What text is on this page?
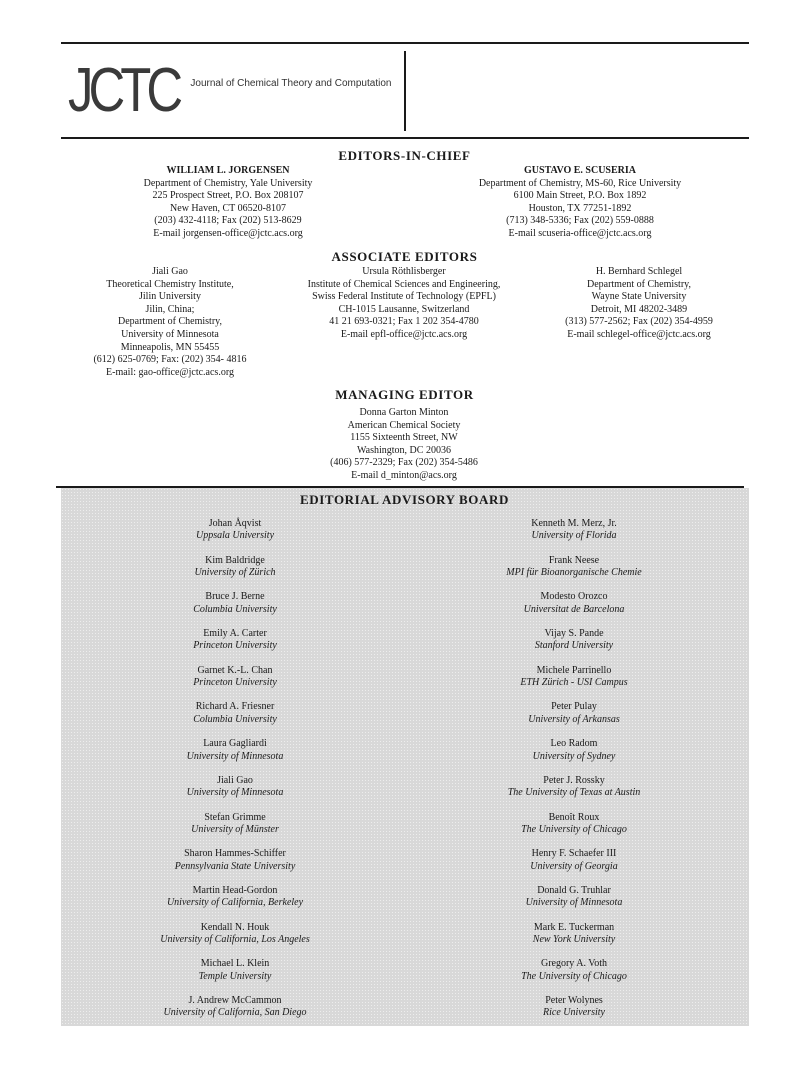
JCTC Journal of Chemical Theory and Computation
EDITORS-IN-CHIEF
WILLIAM L. JORGENSEN
Department of Chemistry, Yale University
225 Prospect Street, P.O. Box 208107
New Haven, CT 06520-8107
(203) 432-4118; Fax (202) 513-8629
E-mail jorgensen-office@jctc.acs.org
GUSTAVO E. SCUSERIA
Department of Chemistry, MS-60, Rice University
6100 Main Street, P.O. Box 1892
Houston, TX 77251-1892
(713) 348-5336; Fax (202) 559-0888
E-mail scuseria-office@jctc.acs.org
ASSOCIATE EDITORS
Jiali Gao
Theoretical Chemistry Institute,
Jilin University
Jilin, China;
Department of Chemistry,
University of Minnesota
Minneapolis, MN 55455
(612) 625-0769; Fax: (202) 354- 4816
E-mail: gao-office@jctc.acs.org
Ursula Röthlisberger
Institute of Chemical Sciences and Engineering,
Swiss Federal Institute of Technology (EPFL)
CH-1015 Lausanne, Switzerland
41 21 693-0321; Fax 1 202 354-4780
E-mail epfl-office@jctc.acs.org
H. Bernhard Schlegel
Department of Chemistry,
Wayne State University
Detroit, MI 48202-3489
(313) 577-2562; Fax (202) 354-4959
E-mail schlegel-office@jctc.acs.org
MANAGING EDITOR
Donna Garton Minton
American Chemical Society
1155 Sixteenth Street, NW
Washington, DC 20036
(406) 577-2329; Fax (202) 354-5486
E-mail d_minton@acs.org
EDITORIAL ADVISORY BOARD
Johan Åqvist
Uppsala University
Kim Baldridge
University of Zürich
Bruce J. Berne
Columbia University
Emily A. Carter
Princeton University
Garnet K.-L. Chan
Princeton University
Richard A. Friesner
Columbia University
Laura Gagliardi
University of Minnesota
Jiali Gao
University of Minnesota
Stefan Grimme
University of Münster
Sharon Hammes-Schiffer
Pennsylvania State University
Martin Head-Gordon
University of California, Berkeley
Kendall N. Houk
University of California, Los Angeles
Michael L. Klein
Temple University
J. Andrew McCammon
University of California, San Diego
Kenneth M. Merz, Jr.
University of Florida
Frank Neese
MPI für Bioanorganische Chemie
Modesto Orozco
Universitat de Barcelona
Vijay S. Pande
Stanford University
Michele Parrinello
ETH Zürich - USI Campus
Peter Pulay
University of Arkansas
Leo Radom
University of Sydney
Peter J. Rossky
The University of Texas at Austin
Benoît Roux
The University of Chicago
Henry F. Schaefer III
University of Georgia
Donald G. Truhlar
University of Minnesota
Mark E. Tuckerman
New York University
Gregory A. Voth
The University of Chicago
Peter Wolynes
Rice University
